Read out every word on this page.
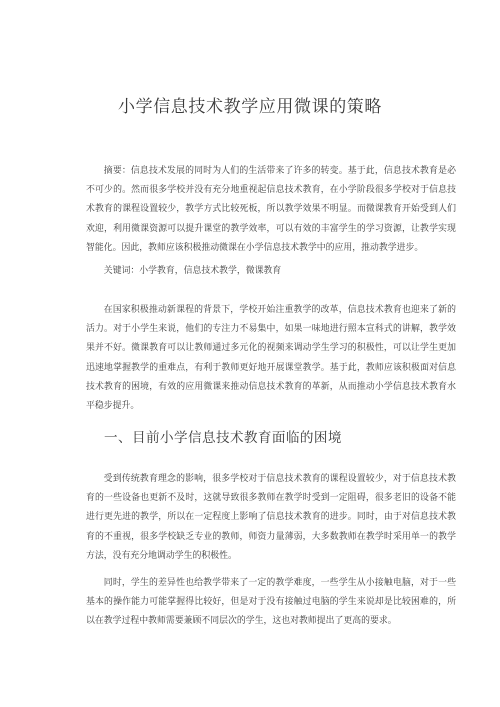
小学信息技术教学应用微课的策略

摘要：信息技术发展的同时为人们的生活带来了许多的转变。基于此，信息技术教育是必不可少的。然而很多学校并没有充分地重视起信息技术教育，在小学阶段很多学校对于信息技术教育的课程设置较少，教学方式比较死板，所以教学效果不明显。而微课教育开始受到人们欢迎，利用微课资源可以提升课堂的教学效率，可以有效的丰富学生的学习资源，让教学实现智能化。因此，教师应该积极推动微课在小学信息技术教学中的应用，推动教学进步。

关键词：小学教育，信息技术教学，微课教育

在国家积极推动新课程的背景下，学校开始注重教学的改革，信息技术教育也迎来了新的活力。对于小学生来说，他们的专注力不易集中，如果一味地进行照本宣科式的讲解，教学效果并不好。微课教育可以让教师通过多元化的视频来调动学生学习的积极性，可以让学生更加迅速地掌握教学的重难点，有利于教师更好地开展课堂教学。基于此，教师应该积极面对信息技术教育的困境，有效的应用微课来推动信息技术教育的革新，从而推动小学信息技术教育水平稳步提升。

一、目前小学信息技术教育面临的困境

受到传统教育理念的影响，很多学校对于信息技术教育的课程设置较少，对于信息技术教育的一些设备也更新不及时，这就导致很多教师在教学时受到一定阻碍，很多老旧的设备不能进行更先进的教学，所以在一定程度上影响了信息技术教育的进步。同时，由于对信息技术教育的不重视，很多学校缺乏专业的教师，师资力量薄弱，大多数教师在教学时采用单一的教学方法，没有充分地调动学生的积极性。

同时，学生的差异性也给教学带来了一定的教学难度，一些学生从小接触电脑，对于一些基本的操作能力可能掌握得比较好，但是对于没有接触过电脑的学生来说却是比较困难的，所以在教学过程中教师需要兼顾不同层次的学生，这也对教师提出了更高的要求。
